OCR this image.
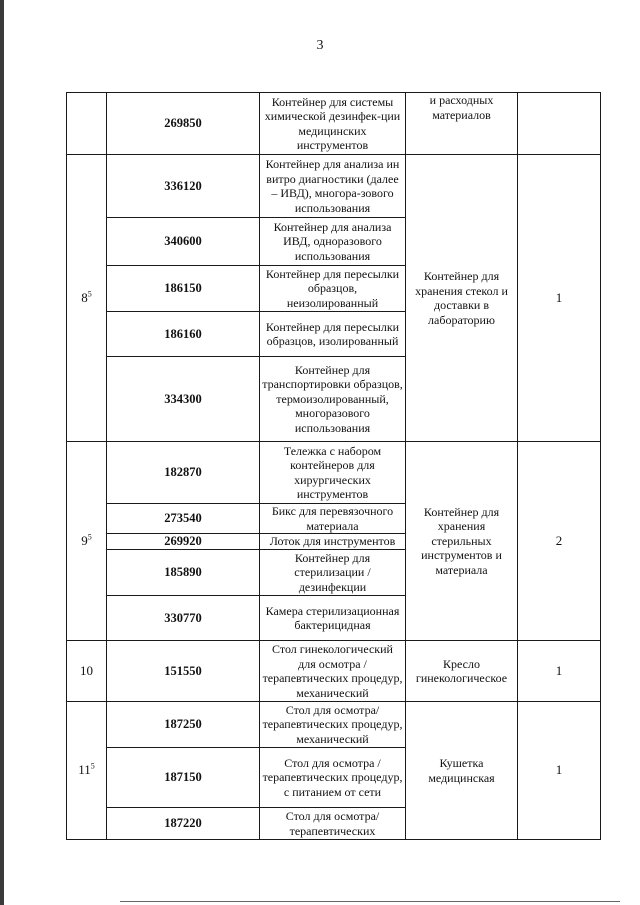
3
	269850	Контейнер для системы химической дезинфек-ции медицинских инструментов	и расходных материалов	
$8^5$	336120	Контейнер для анализа ин витро диагностики (далее – ИВД), многора-зового использования	Контейнер для хранения стекол и доставки в лабораторию	1
	340600	Контейнер для анализа ИВД, одноразового использования		
	186150	Контейнер для пересылки образцов, неизолированный		
	186160	Контейнер для пересылки образцов, изолированный		
	334300	Контейнер для транспортировки образцов, термоизолированный, многоразового использования		
$9^5$	182870	Тележка с набором контейнеров для хирургических инструментов	Контейнер для хранения стерильных инструментов и материала	2
	273540	Бикс для перевязочного материала		
	269920	Лоток для инструментов		
	185890	Контейнер для стерилизации /дезинфекции		
	330770	Камера стерилизационная бактерицидная		
10	151550	Стол гинекологический для осмотра /терапевтических процедур, механический	Кресло гинекологическое	1
$11^5$	187250	Стол для осмотра/ терапевтических процедур, механический	Кушетка медицинская	1
	187150	Стол для осмотра /терапевтических процедур, с питанием от сети		
	187220	Стол для осмотра/ терапевтических		
